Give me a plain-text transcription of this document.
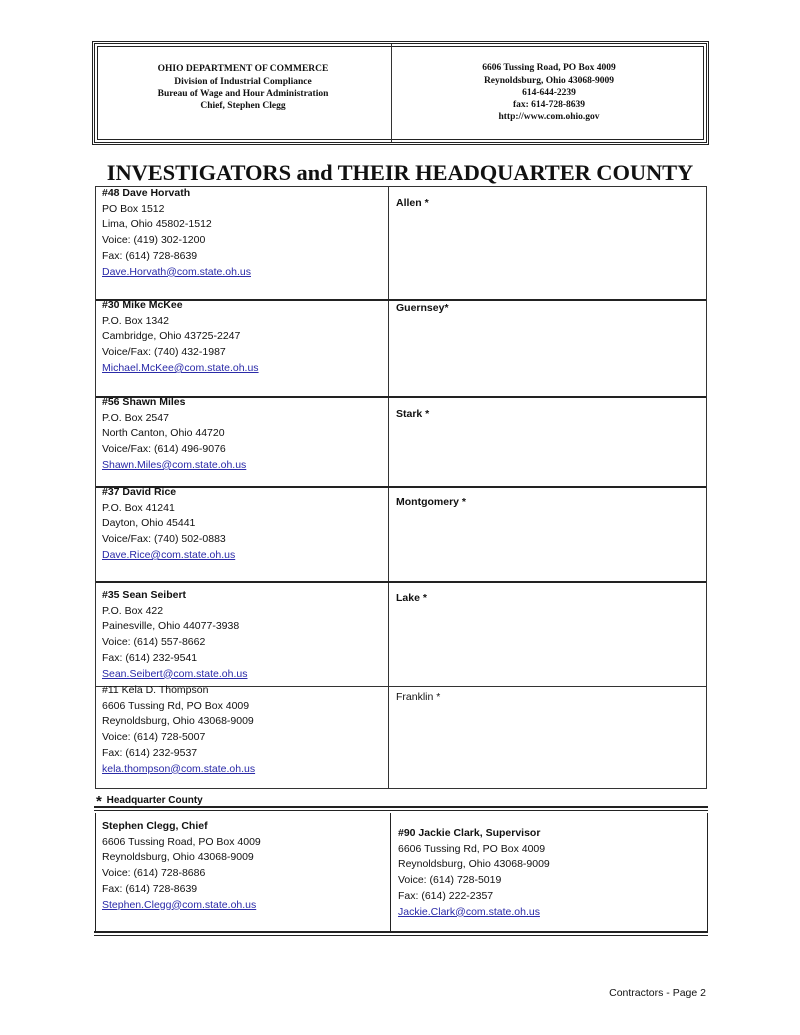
OHIO DEPARTMENT OF COMMERCE
Division of Industrial Compliance
Bureau of Wage and Hour Administration
Chief, Stephen Clegg
6606 Tussing Road, PO Box 4009
Reynoldsburg, Ohio 43068-9009
614-644-2239
fax: 614-728-8639
http://www.com.ohio.gov
INVESTIGATORS and THEIR HEADQUARTER COUNTY
#48 Dave Horvath
PO Box 1512
Lima, Ohio 45802-1512
Voice: (419) 302-1200
Fax: (614) 728-8639
Dave.Horvath@com.state.oh.us
Allen *
#30 Mike McKee
P.O. Box 1342
Cambridge, Ohio 43725-2247
Voice/Fax: (740) 432-1987
Michael.McKee@com.state.oh.us
Guernsey*
#56 Shawn Miles
P.O. Box 2547
North Canton, Ohio 44720
Voice/Fax: (614) 496-9076
Shawn.Miles@com.state.oh.us
Stark *
#37 David Rice
P.O. Box 41241
Dayton, Ohio 45441
Voice/Fax: (740) 502-0883
Dave.Rice@com.state.oh.us
Montgomery *
#35 Sean Seibert
P.O. Box 422
Painesville, Ohio 44077-3938
Voice: (614) 557-8662
Fax: (614) 232-9541
Sean.Seibert@com.state.oh.us
Lake *
#11 Kela D. Thompson
6606 Tussing Rd, PO Box 4009
Reynoldsburg, Ohio 43068-9009
Voice: (614) 728-5007
Fax: (614) 232-9537
kela.thompson@com.state.oh.us
Franklin *
* Headquarter County
Stephen Clegg, Chief
6606 Tussing Road, PO Box 4009
Reynoldsburg, Ohio 43068-9009
Voice: (614) 728-8686
Fax: (614) 728-8639
Stephen.Clegg@com.state.oh.us
#90 Jackie Clark, Supervisor
6606 Tussing Rd, PO Box 4009
Reynoldsburg, Ohio 43068-9009
Voice: (614) 728-5019
Fax: (614) 222-2357
Jackie.Clark@com.state.oh.us
Contractors - Page 2
